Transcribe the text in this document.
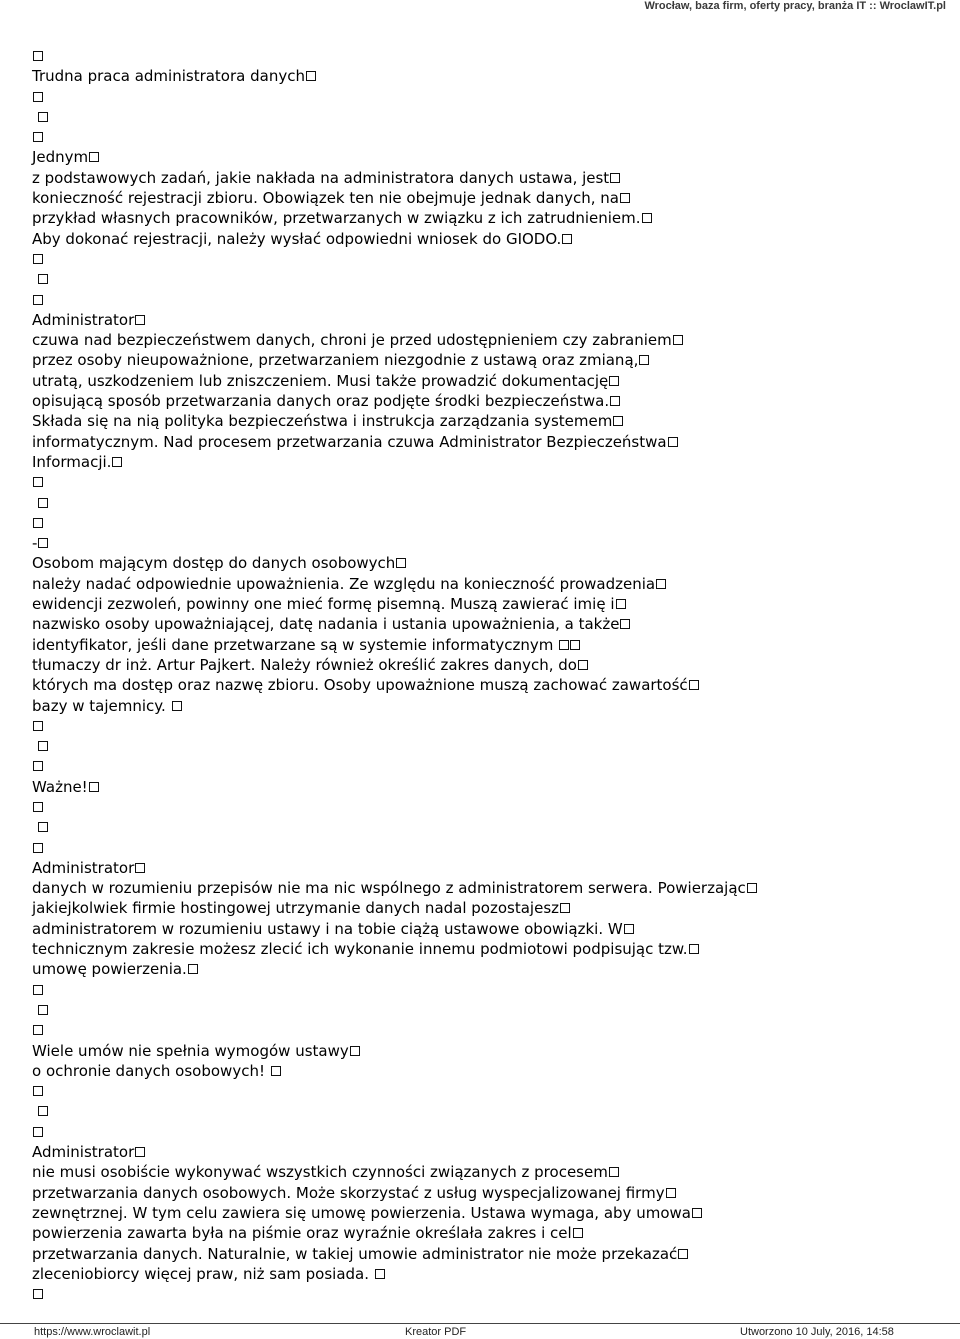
Wrocław, baza firm, oferty pracy, branża IT :: WroclawIT.pl
Trudna praca administratora danych

Jednym
z podstawowych zadań, jakie nakłada na administratora danych ustawa, jest
konieczność rejestracji zbioru. Obowiązek ten nie obejmuje jednak danych, na
przykład własnych pracowników, przetwarzanych w związku z ich zatrudnieniem.
Aby dokonać rejestracji, należy wysłać odpowiedni wniosek do GIODO.

Administrator
czuwa nad bezpieczeństwem danych, chroni je przed udostępnieniem czy zabraniem
przez osoby nieupoważnione, przetwarzaniem niezgodnie z ustawą oraz zmianą,
utratą, uszkodzeniem lub zniszczeniem. Musi także prowadzić dokumentację
opisującą sposób przetwarzania danych oraz podjęte środki bezpieczeństwa.
Składa się na nią polityka bezpieczeństwa i instrukcja zarządzania systemem
informatycznym. Nad procesem przetwarzania czuwa Administrator Bezpieczeństwa
Informacji.

-
Osobom mającym dostęp do danych osobowych
należy nadać odpowiednie upoważnienia. Ze względu na konieczność prowadzenia
ewidencji zezwoleń, powinny one mieć formę pisemną. Muszą zawierać imię i
nazwisko osoby upoważniającej, datę nadania i ustania upoważnienia, a także
identyfikator, jeśli dane przetwarzane są w systemie informatycznym
tłumaczy dr inż. Artur Pajkert. Należy również określić zakres danych, do
których ma dostęp oraz nazwę zbioru. Osoby upoważnione muszą zachować zawartość
bazy w tajemnicy.

Ważne!

Administrator
danych w rozumieniu przepisów nie ma nic wspólnego z administratorem serwera. Powierzając
jakiejkolwiek firmie hostingowej utrzymanie danych nadal pozostajesz
administratorem w rozumieniu ustawy i na tobie ciążą ustawowe obowiązki. W
technicznym zakresie możesz zlecić ich wykonanie innemu podmiotowi podpisując tzw.
umowę powierzenia.

Wiele umów nie spełnia wymogów ustawy
o ochronie danych osobowych!

Administrator
nie musi osobiście wykonywać wszystkich czynności związanych z procesem
przetwarzania danych osobowych. Może skorzystać z usług wyspecjalizowanej firmy
zewnętrznej. W tym celu zawiera się umowę powierzenia. Ustawa wymaga, aby umowa
powierzenia zawarta była na piśmie oraz wyraźnie określała zakres i cel
przetwarzania danych. Naturalnie, w takiej umowie administrator nie może przekazać
zleceniobiorcy więcej praw, niż sam posiada.
https://www.wroclawit.pl	Kreator PDF	Utworzono 10 July, 2016, 14:58
